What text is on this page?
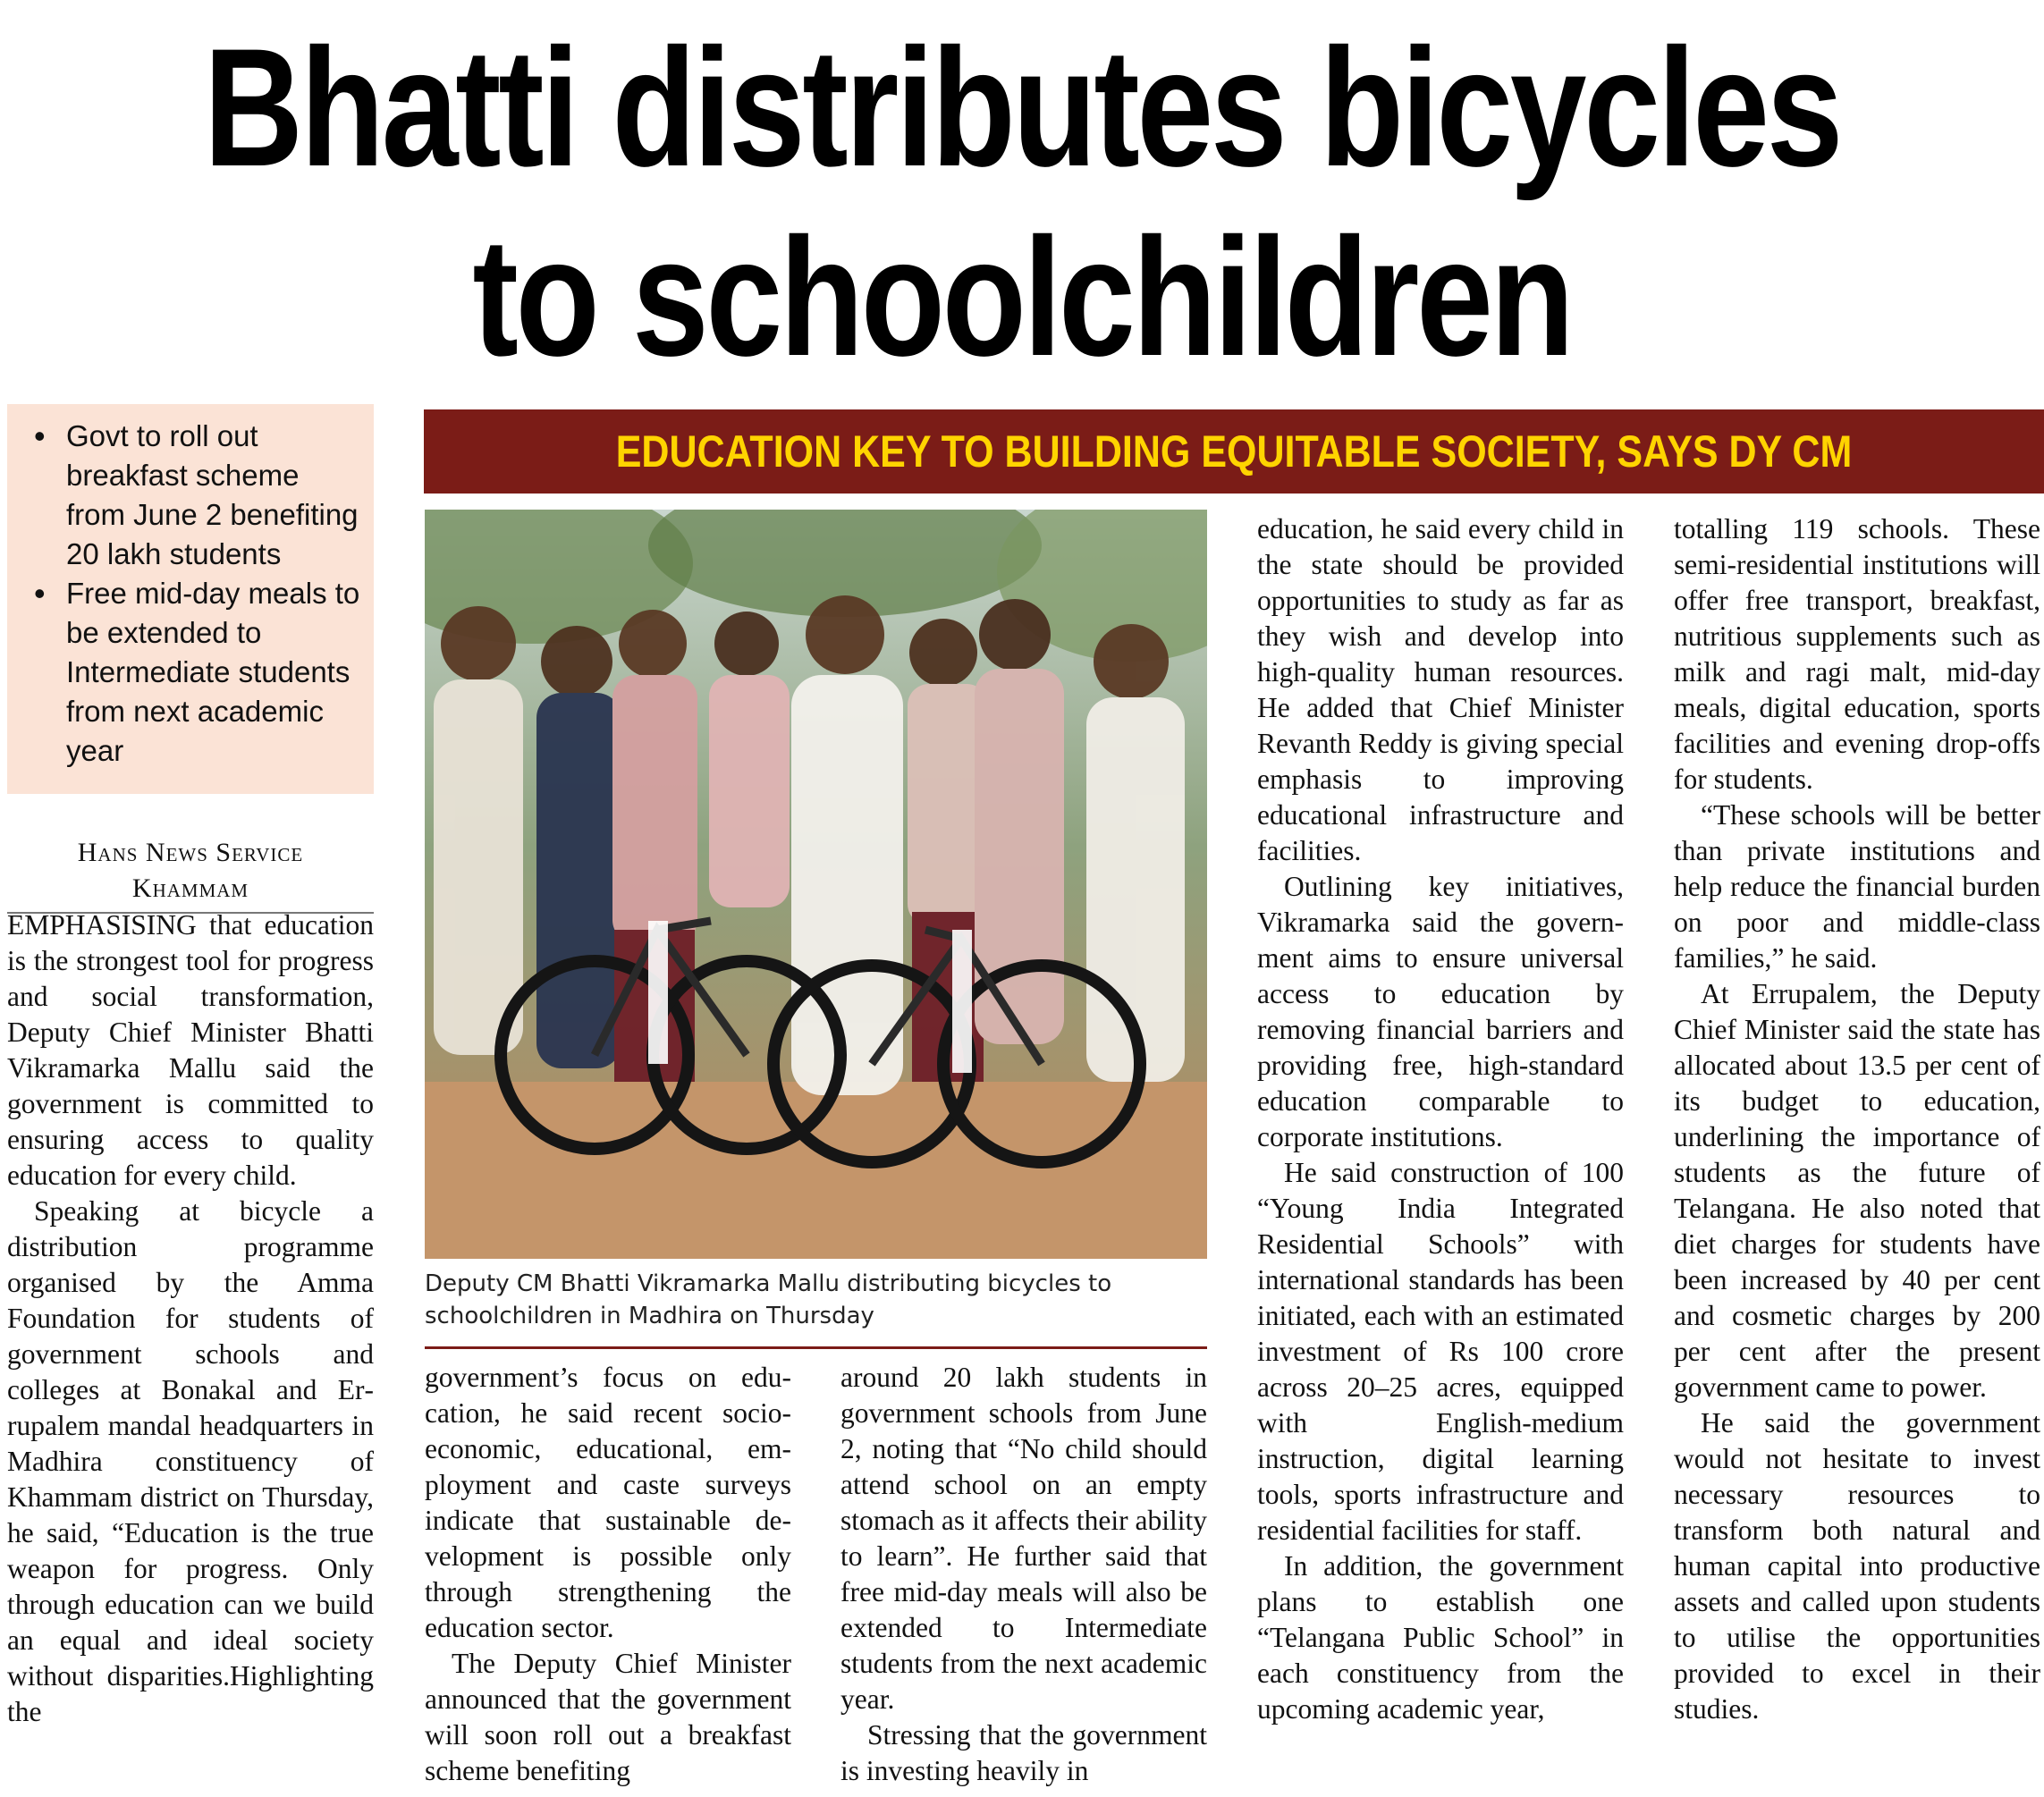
Bhatti distributes bicycles
to schoolchildren
• Govt to roll out breakfast scheme from June 2 benefiting 20 lakh students
• Free mid-day meals to be extended to Intermediate students from next academic year
EDUCATION KEY TO BUILDING EQUITABLE SOCIETY, SAYS DY CM
Hans News Service
Khammam
Deputy CM Bhatti Vikramarka Mallu distributing bicycles to schoolchildren in Madhira on Thursday

EMPHASISING that education is the strongest tool for progress and social transformation, Deputy Chief Minister Bhatti Vikramarka Mallu said the government is committed to ensuring access to quality education for every child.

Speaking at bicycle a distribution programme organised by the Amma Foundation for students of government schools and colleges at Bonakal and Errupalem mandal headquarters in Madhira constituency of Khammam district on Thursday, he said, “Education is the true weapon for progress. Only through education can we build an equal and ideal society without disparities.Highlighting the

government’s focus on education, he said recent socio-economic, educational, employment and caste surveys indicate that sustainable development is possible only through strengthening the education sector.

The Deputy Chief Minister announced that the government will soon roll out a breakfast scheme benefiting

around 20 lakh students in government schools from June 2, noting that “No child should attend school on an empty stomach as it affects their ability to learn”. He further said that free mid-day meals will also be extended to Intermediate students from the next academic year.

Stressing that the government is investing heavily in

education, he said every child in the state should be provided opportunities to study as far as they wish and develop into high-quality human resources. He added that Chief Minister Revanth Reddy is giving special emphasis to improving educational infrastructure and facilities.

Outlining key initiatives, Vikramarka said the government aims to ensure universal access to education by removing financial barriers and providing free, high-standard education comparable to corporate institutions.

He said construction of 100 “Young India Integrated Residential Schools” with international standards has been initiated, each with an estimated investment of Rs 100 crore across 20–25 acres, equipped with English-medium instruction, digital learning tools, sports infrastructure and residential facilities for staff.

In addition, the government plans to establish one “Telangana Public School” in each constituency from the upcoming academic year,

totalling 119 schools. These semi-residential institutions will offer free transport, breakfast, nutritious supplements such as milk and ragi malt, mid-day meals, digital education, sports facilities and evening drop-offs for students.

“These schools will be better than private institutions and help reduce the financial burden on poor and middle-class families,” he said.

At Errupalem, the Deputy Chief Minister said the state has allocated about 13.5 per cent of its budget to education, underlining the importance of students as the future of Telangana. He also noted that diet charges for students have been increased by 40 per cent and cosmetic charges by 200 per cent after the present government came to power.

He said the government would not hesitate to invest necessary resources to transform both natural and human capital into productive assets and called upon students to utilise the opportunities provided to excel in their studies.
